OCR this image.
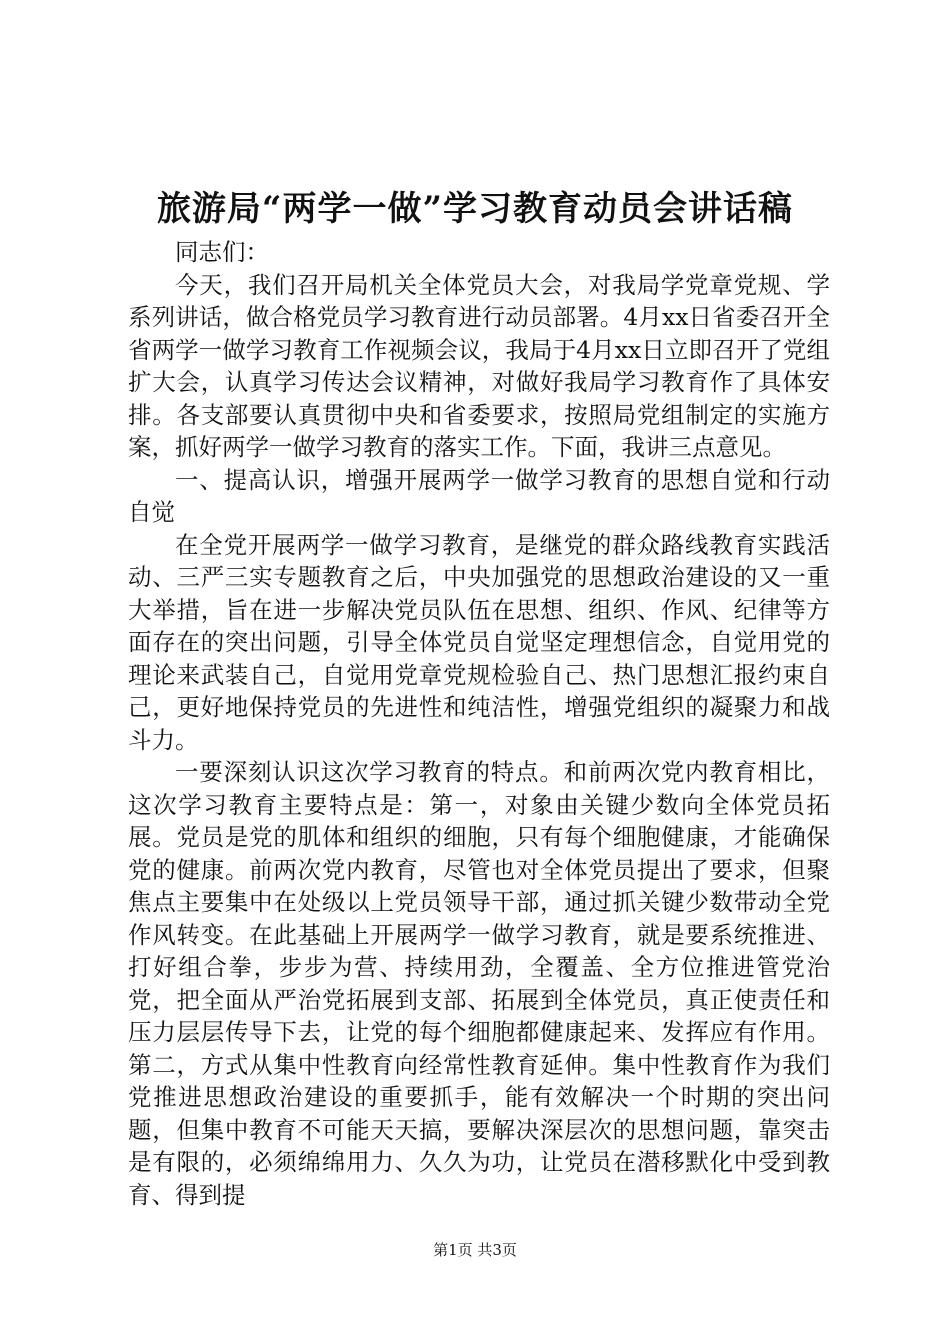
旅游局“两学一做”学习教育动员会讲话稿

同志们：

今天，我们召开局机关全体党员大会，对我局学党章党规、学系列讲话，做合格党员学习教育进行动员部署。4月xx日省委召开全省两学一做学习教育工作视频会议，我局于4月xx日立即召开了党组扩大会，认真学习传达会议精神，对做好我局学习教育作了具体安排。各支部要认真贯彻中央和省委要求，按照局党组制定的实施方案，抓好两学一做学习教育的落实工作。下面，我讲三点意见。

一、提高认识，增强开展两学一做学习教育的思想自觉和行动自觉

在全党开展两学一做学习教育，是继党的群众路线教育实践活动、三严三实专题教育之后，中央加强党的思想政治建设的又一重大举措，旨在进一步解决党员队伍在思想、组织、作风、纪律等方面存在的突出问题，引导全体党员自觉坚定理想信念，自觉用党的理论来武装自己，自觉用党章党规检验自己、热门思想汇报约束自己，更好地保持党员的先进性和纯洁性，增强党组织的凝聚力和战斗力。

一要深刻认识这次学习教育的特点。和前两次党内教育相比，这次学习教育主要特点是：第一，对象由关键少数向全体党员拓展。党员是党的肌体和组织的细胞，只有每个细胞健康，才能确保党的健康。前两次党内教育，尽管也对全体党员提出了要求，但聚焦点主要集中在处级以上党员领导干部，通过抓关键少数带动全党作风转变。在此基础上开展两学一做学习教育，就是要系统推进、打好组合拳，步步为营、持续用劲，全覆盖、全方位推进管党治党，把全面从严治党拓展到支部、拓展到全体党员，真正使责任和压力层层传导下去，让党的每个细胞都健康起来、发挥应有作用。第二，方式从集中性教育向经常性教育延伸。集中性教育作为我们党推进思想政治建设的重要抓手，能有效解决一个时期的突出问题，但集中教育不可能天天搞，要解决深层次的思想问题，靠突击是有限的，必须绵绵用力、久久为功，让党员在潜移默化中受到教育、得到提

第1页 共3页
